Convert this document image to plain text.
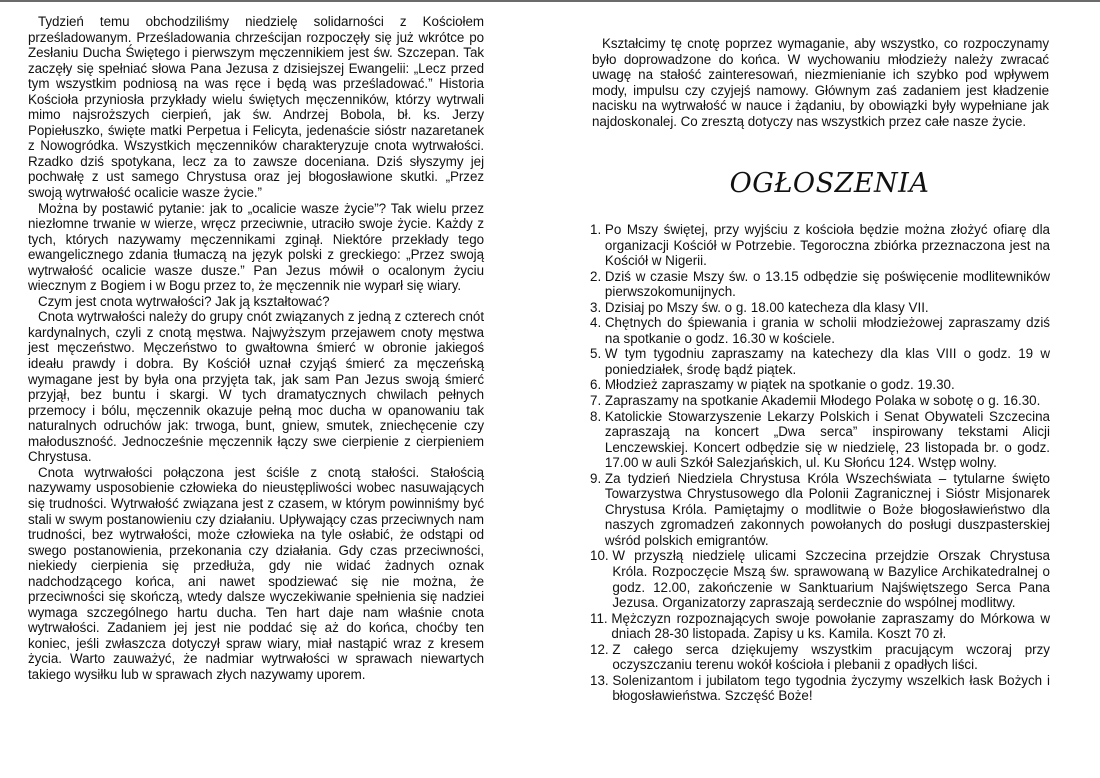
Tydzień temu obchodziliśmy niedzielę solidarności z Kościołem prześladowanym. Prześladowania chrześcijan rozpoczęły się już wkrótce po Zesłaniu Ducha Świętego i pierwszym męczennikiem jest św. Szczepan. Tak zaczęły się spełniać słowa Pana Jezusa z dzisiejszej Ewangelii: „Lecz przed tym wszystkim podniosą na was ręce i będą was prześladować.” Historia Kościoła przyniosła przykłady wielu świętych męczenników, którzy wytrwali mimo najsroższych cierpień, jak św. Andrzej Bobola, bł. ks. Jerzy Popiełuszko, święte matki Perpetua i Felicyta, jedenaście sióstr nazaretanek z Nowogródka. Wszystkich męczenników charakteryzuje cnota wytrwałości. Rzadko dziś spotykana, lecz za to zawsze doceniana. Dziś słyszymy jej pochwałę z ust samego Chrystusa oraz jej błogosławione skutki. „Przez swoją wytrwałość ocalicie wasze życie.”

Można by postawić pytanie: jak to „ocalicie wasze życie”? Tak wielu przez niezłomne trwanie w wierze, wręcz przeciwnie, utraciło swoje życie. Każdy z tych, których nazywamy męczennikami zginął. Niektóre przekłady tego ewangelicznego zdania tłumaczą na język polski z greckiego: „Przez swoją wytrwałość ocalicie wasze dusze.” Pan Jezus mówił o ocalonym życiu wiecznym z Bogiem i w Bogu przez to, że męczennik nie wyparł się wiary.

Czym jest cnota wytrwałości? Jak ją kształtować?

Cnota wytrwałości należy do grupy cnót związanych z jedną z czterech cnót kardynalnych, czyli z cnotą męstwa. Najwyższym przejawem cnoty męstwa jest męczeństwo. Męczeństwo to gwałtowna śmierć w obronie jakiegoś ideału prawdy i dobra. By Kościół uznał czyjąś śmierć za męczeńską wymagane jest by była ona przyjęta tak, jak sam Pan Jezus swoją śmierć przyjął, bez buntu i skargi. W tych dramatycznych chwilach pełnych przemocy i bólu, męczennik okazuje pełną moc ducha w opanowaniu tak naturalnych odruchów jak: trwoga, bunt, gniew, smutek, zniechęcenie czy małoduszność. Jednocześnie męczennik łączy swe cierpienie z cierpieniem Chrystusa.

Cnota wytrwałości połączona jest ściśle z cnotą stałości. Stałością nazywamy usposobienie człowieka do nieustępliwości wobec nasuwających się trudności. Wytrwałość związana jest z czasem, w którym powinniśmy być stali w swym postanowieniu czy działaniu. Upływający czas przeciwnych nam trudności, bez wytrwałości, może człowieka na tyle osłabić, że odstąpi od swego postanowienia, przekonania czy działania. Gdy czas przeciwności, niekiedy cierpienia się przedłuża, gdy nie widać żadnych oznak nadchodzącego końca, ani nawet spodziewać się nie można, że przeciwności się skończą, wtedy dalsze wyczekiwanie spełnienia się nadziei wymaga szczególnego hartu ducha. Ten hart daje nam właśnie cnota wytrwałości. Zadaniem jej jest nie poddać się aż do końca, choćby ten koniec, jeśli zwłaszcza dotyczył spraw wiary, miał nastąpić wraz z kresem życia. Warto zauważyć, że nadmiar wytrwałości w sprawach niewartych takiego wysiłku lub w sprawach złych nazywamy uporem.

Kształcimy tę cnotę poprzez wymaganie, aby wszystko, co rozpoczynamy było doprowadzone do końca. W wychowaniu młodzieży należy zwracać uwagę na stałość zainteresowań, niezmienianie ich szybko pod wpływem mody, impulsu czy czyjejś namowy. Głównym zaś zadaniem jest kładzenie nacisku na wytrwałość w nauce i żądaniu, by obowiązki były wypełniane jak najdoskonalej. Co zresztą dotyczy nas wszystkich przez całe nasze życie.

OGŁOSZENIA
1. Po Mszy świętej, przy wyjściu z kościoła będzie można złożyć ofiarę dla organizacji Kościół w Potrzebie. Tegoroczna zbiórka przeznaczona jest na Kościół w Nigerii.
2. Dziś w czasie Mszy św. o 13.15 odbędzie się poświęcenie modlitewników pierwszokomunijnych.
3. Dzisiaj po Mszy św. o g. 18.00 katecheza dla klasy VII.
4. Chętnych do śpiewania i grania w scholii młodzieżowej zapraszamy dziś na spotkanie o godz. 16.30 w kościele.
5. W tym tygodniu zapraszamy na katechezy dla klas VIII o godz. 19 w poniedziałek, środę bądź piątek.
6. Młodzież zapraszamy w piątek na spotkanie o godz. 19.30.
7. Zapraszamy na spotkanie Akademii Młodego Polaka w sobotę o g. 16.30.
8. Katolickie Stowarzyszenie Lekarzy Polskich i Senat Obywateli Szczecina zapraszają na koncert „Dwa serca” inspirowany tekstami Alicji Lenczewskiej. Koncert odbędzie się w niedzielę, 23 listopada br. o godz. 17.00 w auli Szkół Salezjańskich, ul. Ku Słońcu 124. Wstęp wolny.
9. Za tydzień Niedziela Chrystusa Króla Wszechświata – tytularne święto Towarzystwa Chrystusowego dla Polonii Zagranicznej i Sióstr Misjonarek Chrystusa Króla. Pamiętajmy o modlitwie o Boże błogosławieństwo dla naszych zgromadzeń zakonnych powołanych do posługi duszpasterskiej wśród polskich emigrantów.
10. W przyszłą niedzielę ulicami Szczecina przejdzie Orszak Chrystusa Króla. Rozpoczęcie Mszą św. sprawowaną w Bazylice Archikatedralnej o godz. 12.00, zakończenie w Sanktuarium Najświętszego Serca Pana Jezusa. Organizatorzy zapraszają serdecznie do wspólnej modlitwy.
11. Mężczyzn rozpoznających swoje powołanie zapraszamy do Mórkowa w dniach 28-30 listopada. Zapisy u ks. Kamila. Koszt 70 zł.
12. Z całego serca dziękujemy wszystkim pracującym wczoraj przy oczyszczaniu terenu wokół kościoła i plebanii z opadłych liści.
13. Solenizantom i jubilatom tego tygodnia życzymy wszelkich łask Bożych i błogosławieństwa. Szczęść Boże!
